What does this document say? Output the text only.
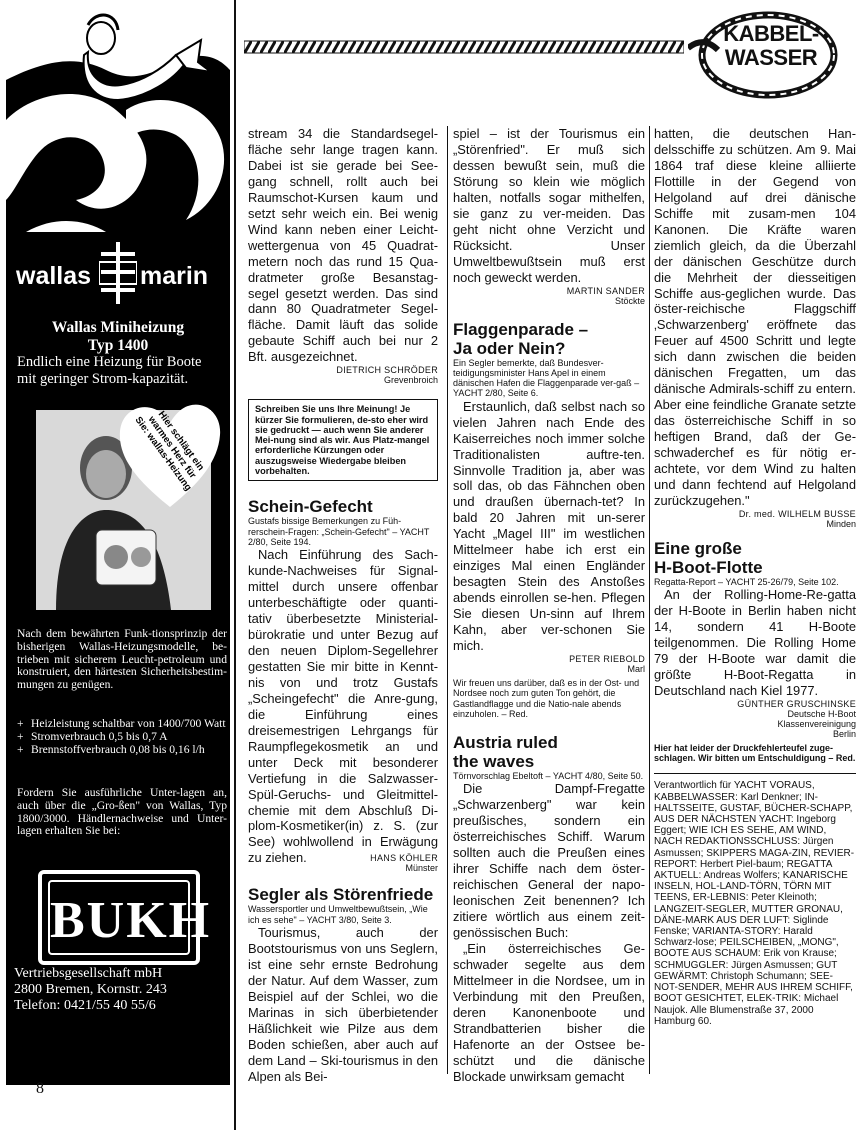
wallas marin
Wallas Miniheizung
Typ 1400
Endlich eine Heizung für Boote mit geringer Strom-kapazität.
Hier schlägt ein warmes Herz für Sie: wallas-Heizung
Nach dem bewährten Funk-tionsprinzip der bisherigen Wallas-Heizungsmodelle, be-trieben mit sicherem Leucht-petroleum und konstruiert, den härtesten Sicherheitsbestim-mungen zu genügen.
+ Heizleistung schaltbar von 1400/700 Watt
+ Stromverbrauch 0,5 bis 0,7 A
+ Brennstoffverbrauch 0,08 bis 0,16 l/h
Fordern Sie ausführliche Unter-lagen an, auch über die „Gro-ßen" von Wallas, Typ 1800/3000. Händlernachweise und Unter-lagen erhalten Sie bei:
BUKH
Vertriebsgesellschaft mbH
2800 Bremen, Kornstr. 243
Telefon: 0421/55 40 55/6
KABBEL-
WASSER

stream 34 die Standardsegel-fläche sehr lange tragen kann. Dabei ist sie gerade bei See-gang schnell, rollt auch bei Raumschot-Kursen kaum und setzt sehr weich ein. Bei wenig Wind kann neben einer Leicht-wettergenua von 45 Quadrat-metern noch das rund 15 Qua-dratmeter große Besanstag-segel gesetzt werden. Das sind dann 80 Quadratmeter Segel-fläche. Damit läuft das solide gebaute Schiff auch bei nur 2 Bft. ausgezeichnet.

DIETRICH SCHRÖDER
Grevenbroich

Schreiben Sie uns Ihre Meinung! Je kürzer Sie formulieren, de-sto eher wird sie gedruckt — auch wenn Sie anderer Mei-nung sind als wir. Aus Platz-mangel erforderliche Kürzungen oder auszugsweise Wiedergabe bleiben vorbehalten.

Schein-Gefecht

Gustafs bissige Bemerkungen zu Füh-rerschein-Fragen: „Schein-Gefecht" – YACHT 2/80, Seite 194.

Nach Einführung des Sach-kunde-Nachweises für Signal-mittel durch unsere offenbar unterbeschäftigte oder quanti-tativ überbesetzte Ministerial-bürokratie und unter Bezug auf den neuen Diplom-Segellehrer gestatten Sie mir bitte in Kennt-nis von und trotz Gustafs „Scheingefecht" die Anre-gung, die Einführung eines dreisemestrigen Lehrgangs für Raumpflegekosmetik an und unter Deck mit besonderer Vertiefung in die Salzwasser-Spül-Geruchs- und Gleitmittel-chemie mit dem Abschluß Di-plom-Kosmetiker(in) z. S. (zur See) wohlwollend in Erwägung zu ziehen.	HANS KÖHLER
Münster

Segler als Störenfriede

Wassersportler und Umweltbewußtsein, „Wie ich es sehe" – YACHT 3/80, Seite 3.

Tourismus, auch der Bootstourismus von uns Seglern, ist eine sehr ernste Bedrohung der Natur. Auf dem Wasser, zum Beispiel auf der Schlei, wo die Marinas in sich überbietender Häßlichkeit wie Pilze aus dem Boden schießen, aber auch auf dem Land – Ski-tourismus in den Alpen als Bei-

spiel – ist der Tourismus ein „Störenfried". Er muß sich dessen bewußt sein, muß die Störung so klein wie möglich halten, notfalls sogar mithelfen, sie ganz zu ver-meiden. Das geht nicht ohne Verzicht und Rücksicht. Unser Umweltbewußtsein muß erst noch geweckt werden.

MARTIN SANDER
Stöckte

Flaggenparade –
Ja oder Nein?

Ein Segler bemerkte, daß Bundesver-teidigungsminister Hans Apel in einem dänischen Hafen die Flaggenparade ver-gaß – YACHT 2/80, Seite 6.

Erstaunlich, daß selbst nach so vielen Jahren nach Ende des Kaiserreiches noch immer solche Traditionalisten auftre-ten. Sinnvolle Tradition ja, aber was soll das, ob das Fähnchen oben und draußen übernach-tet? In bald 20 Jahren mit un-serer Yacht „Magel III" im westlichen Mittelmeer habe ich erst ein einziges Mal einen Engländer besagten Stein des Anstoßes abends einrollen se-hen. Pflegen Sie diesen Un-sinn auf Ihrem Kahn, aber ver-schonen Sie mich.

PETER RIEBOLD
Marl

Wir freuen uns darüber, daß es in der Ost- und Nordsee noch zum guten Ton gehört, die Gastlandflagge und die Natio-nale abends einzuholen. – Red.

Austria ruled
the waves

Törnvorschlag Ebeltoft – YACHT 4/80, Seite 50.

Die Dampf-Fregatte „Schwarzenberg" war kein preußisches, sondern ein österreichisches Schiff. Warum sollten auch die Preußen eines ihrer Schiffe nach dem öster-reichischen General der napo-leonischen Zeit benennen? Ich zitiere wörtlich aus einem zeit-genössischen Buch:

„Ein österreichisches Ge-schwader segelte aus dem Mittelmeer in die Nordsee, um in Verbindung mit den Preußen, deren Kanonenboote und Strandbatterien bisher die Hafenorte an der Ostsee be-schützt und die dänische Blockade unwirksam gemacht

hatten, die deutschen Han-delsschiffe zu schützen. Am 9. Mai 1864 traf diese kleine alliierte Flottille in der Gegend von Helgoland auf drei dänische Schiffe mit zusam-men 104 Kanonen. Die Kräfte waren ziemlich gleich, da die Überzahl der dänischen Geschütze durch die Mehrheit der diesseitigen Schiffe aus-geglichen wurde. Das öster-reichische Flaggschiff ‚Schwarzenberg' eröffnete das Feuer auf 4500 Schritt und legte sich dann zwischen die beiden dänischen Fregatten, um das dänische Admirals-schiff zu entern. Aber eine feindliche Granate setzte das österreichische Schiff in so heftigen Brand, daß der Ge-schwaderchef es für nötig er-achtete, vor dem Wind zu halten und dann fechtend auf Helgoland zurückzugehen."

Dr. med. WILHELM BUSSE
Minden

Eine große
H-Boot-Flotte

Regatta-Report – YACHT 25-26/79, Seite 102.

An der Rolling-Home-Re-gatta der H-Boote in Berlin haben nicht 14, sondern 41 H-Boote teilgenommen. Die Rolling Home 79 der H-Boote war damit die größte H-Boot-Regatta in Deutschland nach Kiel 1977.

GÜNTHER GRUSCHINSKE
Deutsche H-Boot
Klassenvereinigung
Berlin

Hier hat leider der Druckfehlerteufel zuge-schlagen. Wir bitten um Entschuldigung – Red.

Verantwortlich für YACHT VORAUS, KABBELWASSER: Karl Denkner; IN-HALTSSEITE, GUSTAF, BÜCHER-SCHAPP, AUS DER NÄCHSTEN YACHT: Ingeborg Eggert; WIE ICH ES SEHE, AM WIND, NACH REDAKTIONSSCHLUSS: Jürgen Asmussen; SKIPPERS MAGA-ZIN, REVIER-REPORT: Herbert Piel-baum; REGATTA AKTUELL: Andreas Wolfers; KANARISCHE INSELN, HOL-LAND-TÖRN, TÖRN MIT TEENS, ER-LEBNIS: Peter Kleinoth; LANGZEIT-SEGLER, MUTTER GRONAU, DÄNE-MARK AUS DER LUFT: Siglinde Fenske; VARIANTA-STORY: Harald Schwarz-lose; PEILSCHEIBEN, „MONG", BOOTE AUS SCHAUM: Erik von Krause; SCHMUGGLER: Jürgen Asmussen; GUT GEWÄRMT: Christoph Schumann; SEE-NOT-SENDER, MEHR AUS IHREM SCHIFF, BOOT GESICHTET, ELEK-TRIK: Michael Naujok. Alle Blumenstraße 37, 2000 Hamburg 60.

8
